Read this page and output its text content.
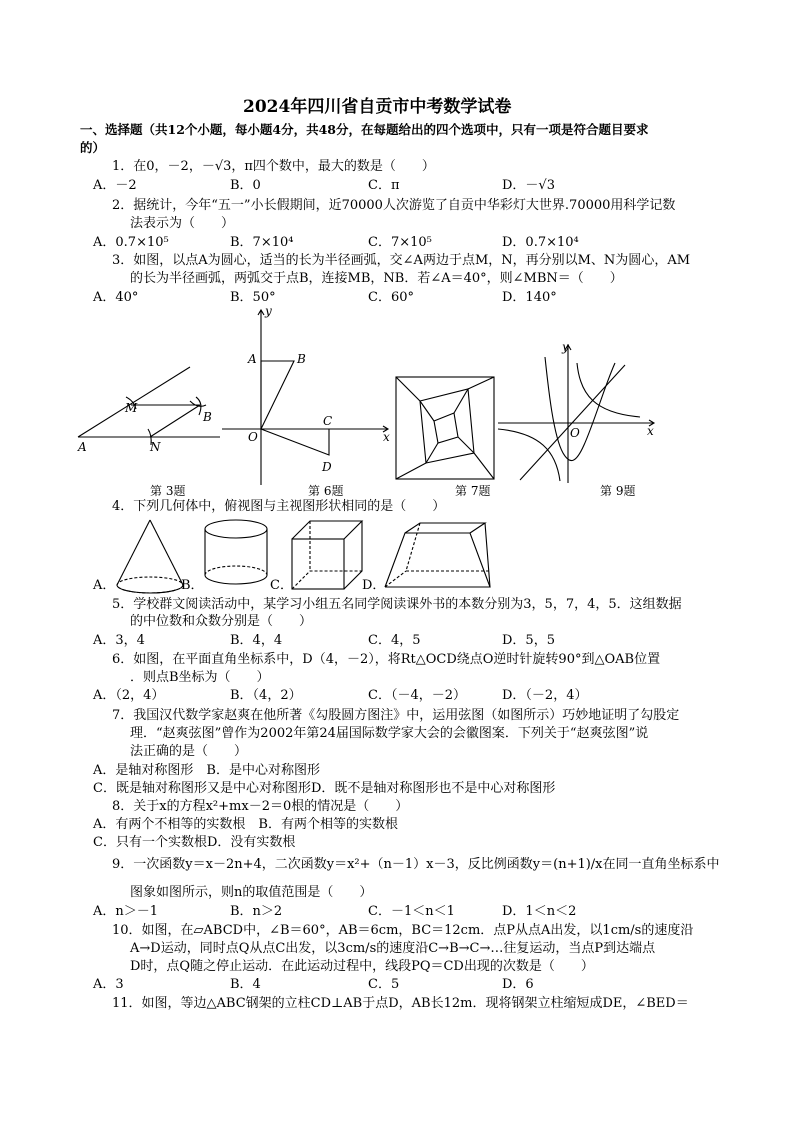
2024年四川省自贡市中考数学试卷
一、选择题（共12个小题，每小题4分，共48分，在每题给出的四个选项中，只有一项是符合题目要求
的）
1．在0，－2，－√3，π四个数中，最大的数是（　　）
A．－2	B．0	C．π	D．－√3
2．据统计，今年“五一”小长假期间，近70000人次游览了自贡中华彩灯大世界.70000用科学记数
法表示为（　　）
A．0.7×10⁵	B．7×10⁴	C．7×10⁵	D．0.7×10⁴
3．如图，以点A为圆心，适当的长为半径画弧，交∠A两边于点M，N，再分别以M、N为圆心，AM
的长为半径画弧，两弧交于点B，连接MB，NB．若∠A＝40°，则∠MBN＝（　　）
A．40°	B．50°	C．60°	D．140°
A
M
B
N
第 3题
y
A	B
O
C
D
x
第 6题	第 7题
y
O	x
第 9题
4．下列几何体中，俯视图与主视图形状相同的是（　　）
A．	B．	C．	D．
5．学校群文阅读活动中，某学习小组五名同学阅读课外书的本数分别为3，5，7，4，5．这组数据
的中位数和众数分别是（　　）
A．3，4	B．4，4	C．4，5	D．5，5
6．如图，在平面直角坐标系中，D（4，－2），将Rt△OCD绕点O逆时针旋转90°到△OAB位置
．则点B坐标为（　　）
A．（2，4）	B．（4，2）	C．（－4，－2）	D．（－2，4）
7．我国汉代数学家赵爽在他所著《勾股圆方图注》中，运用弦图（如图所示）巧妙地证明了勾股定
理．“赵爽弦图”曾作为2002年第24届国际数学家大会的会徽图案．下列关于“赵爽弦图”说
法正确的是（　　）
A．是轴对称图形　B．是中心对称图形
C．既是轴对称图形又是中心对称图形D．既不是轴对称图形也不是中心对称图形
8．关于x的方程x²+mx－2＝0根的情况是（　　）
A．有两个不相等的实数根　B．有两个相等的实数根
C．只有一个实数根D．没有实数根
9．一次函数y＝x－2n+4，二次函数y＝x²+（n－1）x－3，反比例函数y＝(n+1)/x在同一直角坐标系中
图象如图所示，则n的取值范围是（　　）
A．n＞－1	B．n＞2	C．－1＜n＜1	D．1＜n＜2
10．如图，在▱ABCD中，∠B＝60°，AB＝6cm，BC＝12cm．点P从点A出发，以1cm/s的速度沿
A→D运动，同时点Q从点C出发，以3cm/s的速度沿C→B→C→…往复运动，当点P到达端点
D时，点Q随之停止运动．在此运动过程中，线段PQ＝CD出现的次数是（　　）
A．3	B．4	C．5	D．6
11．如图，等边△ABC钢架的立柱CD⊥AB于点D，AB长12m．现将钢架立柱缩短成DE，∠BED＝
